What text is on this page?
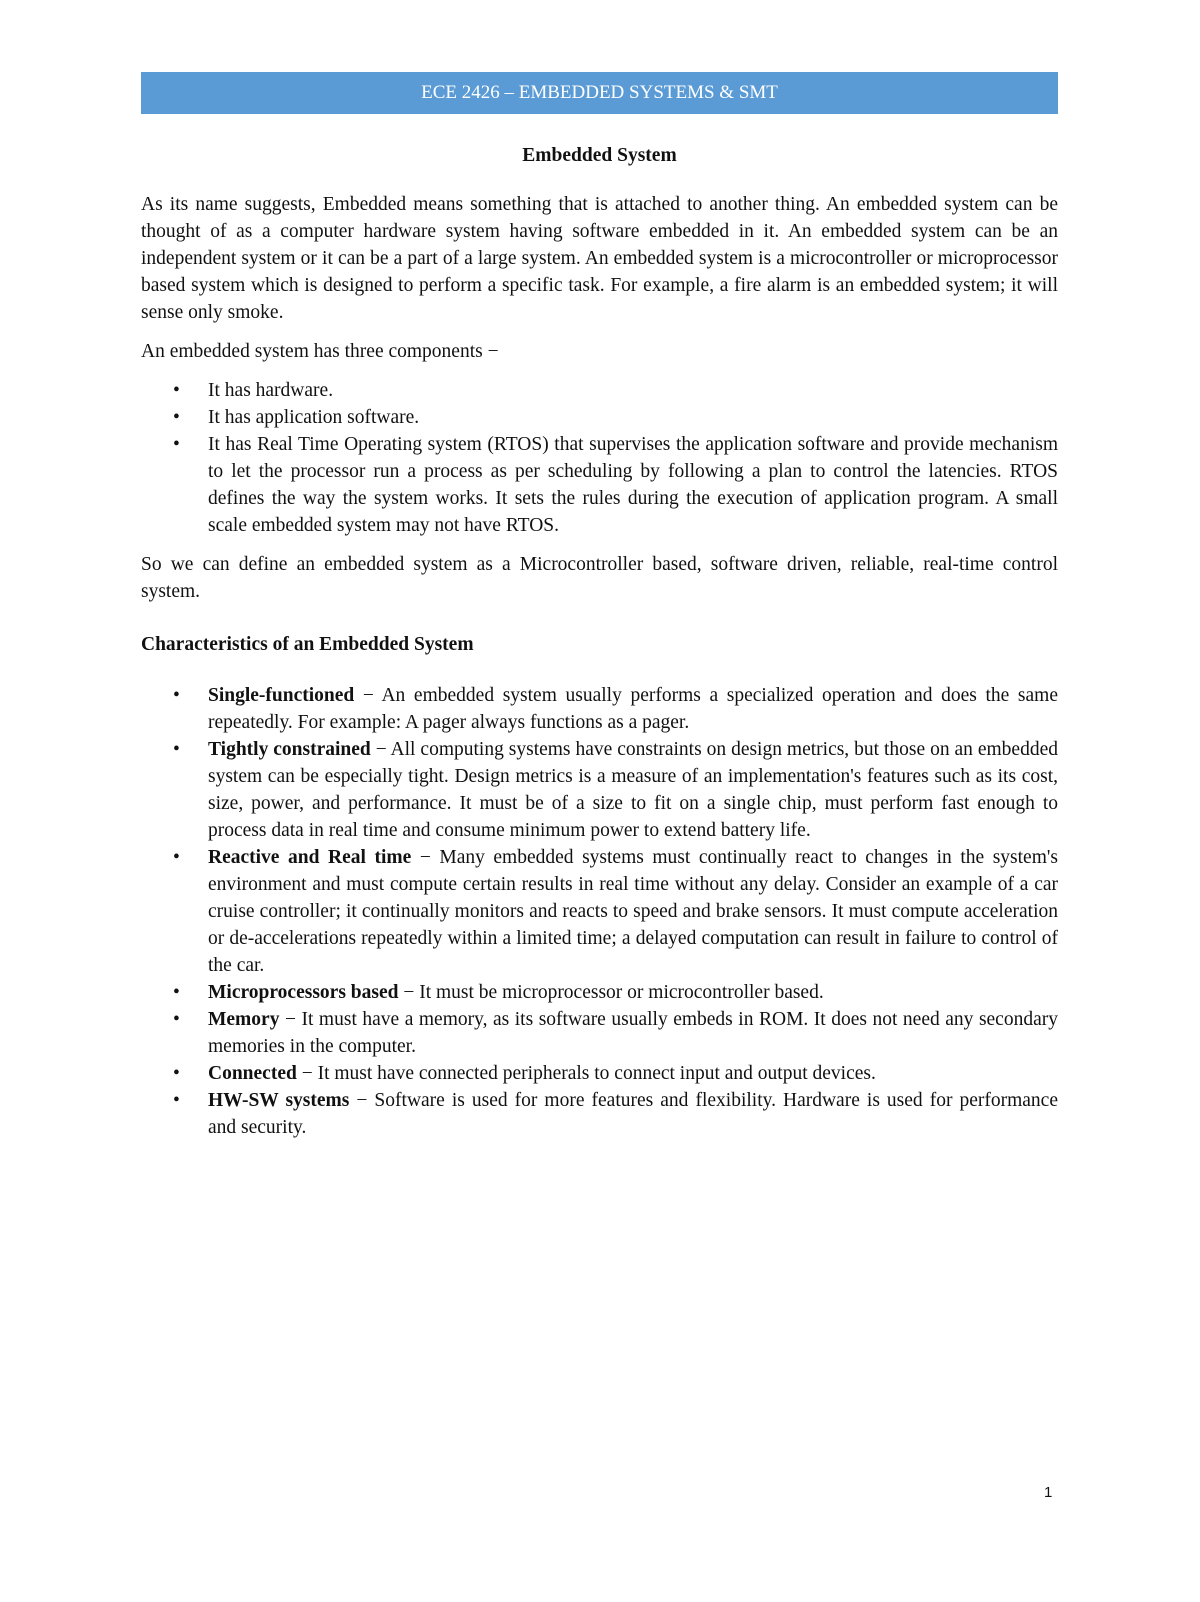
ECE 2426 – EMBEDDED SYSTEMS & SMT
Embedded System

As its name suggests, Embedded means something that is attached to another thing. An embedded system can be thought of as a computer hardware system having software embedded in it. An embedded system can be an independent system or it can be a part of a large system. An embedded system is a microcontroller or microprocessor based system which is designed to perform a specific task. For example, a fire alarm is an embedded system; it will sense only smoke.

An embedded system has three components −

• It has hardware.
• It has application software.
• It has Real Time Operating system (RTOS) that supervises the application software and provide mechanism to let the processor run a process as per scheduling by following a plan to control the latencies. RTOS defines the way the system works. It sets the rules during the execution of application program. A small scale embedded system may not have RTOS.

So we can define an embedded system as a Microcontroller based, software driven, reliable, real-time control system.

Characteristics of an Embedded System
• Single-functioned − An embedded system usually performs a specialized operation and does the same repeatedly. For example: A pager always functions as a pager.
• Tightly constrained − All computing systems have constraints on design metrics, but those on an embedded system can be especially tight. Design metrics is a measure of an implementation's features such as its cost, size, power, and performance. It must be of a size to fit on a single chip, must perform fast enough to process data in real time and consume minimum power to extend battery life.
• Reactive and Real time − Many embedded systems must continually react to changes in the system's environment and must compute certain results in real time without any delay. Consider an example of a car cruise controller; it continually monitors and reacts to speed and brake sensors. It must compute acceleration or de-accelerations repeatedly within a limited time; a delayed computation can result in failure to control of the car.
• Microprocessors based − It must be microprocessor or microcontroller based.
• Memory − It must have a memory, as its software usually embeds in ROM. It does not need any secondary memories in the computer.
• Connected − It must have connected peripherals to connect input and output devices.
• HW-SW systems − Software is used for more features and flexibility. Hardware is used for performance and security.
1
